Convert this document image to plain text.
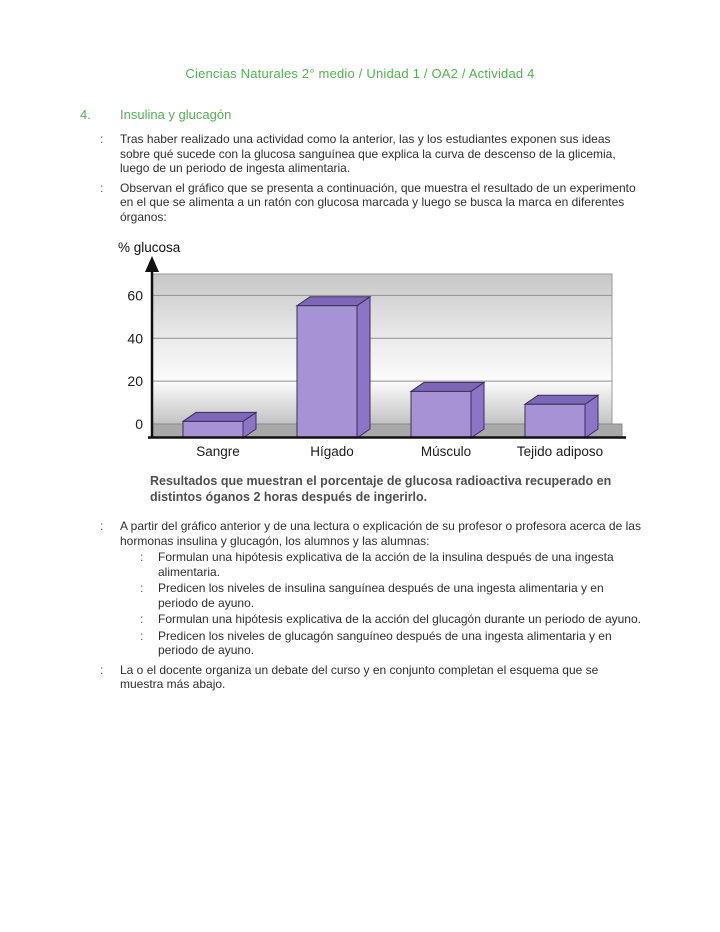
Ciencias Naturales 2° medio / Unidad 1 / OA2 / Actividad 4
4. Insulina y glucagón
:	Tras haber realizado una actividad como la anterior, las y los estudiantes exponen sus ideas sobre qué sucede con la glucosa sanguínea que explica la curva de descenso de la glicemia, luego de un periodo de ingesta alimentaria.

:	Observan el gráfico que se presenta a continuación, que muestra el resultado de un experimento en el que se alimenta a un ratón con glucosa marcada y luego se busca la marca en diferentes órganos:

0
20
40
60
Sangre	Hígado	Músculo	Tejido adiposo
% glucosa

Resultados que muestran el porcentaje de glucosa radioactiva recuperado en distintos óganos 2 horas después de ingerirlo.

:	A partir del gráfico anterior y de una lectura o explicación de su profesor o profesora acerca de las hormonas insulina y glucagón, los alumnos y las alumnas:

:	Formulan una hipótesis explicativa de la acción de la insulina después de una ingesta alimentaria.

:	Predicen los niveles de insulina sanguínea después de una ingesta alimentaria y en periodo de ayuno.

:	Formulan una hipótesis explicativa de la acción del glucagón durante un periodo de ayuno.

:	Predicen los niveles de glucagón sanguíneo después de una ingesta alimentaria y en periodo de ayuno.

:	La o el docente organiza un debate del curso y en conjunto completan el esquema que se muestra más abajo.
